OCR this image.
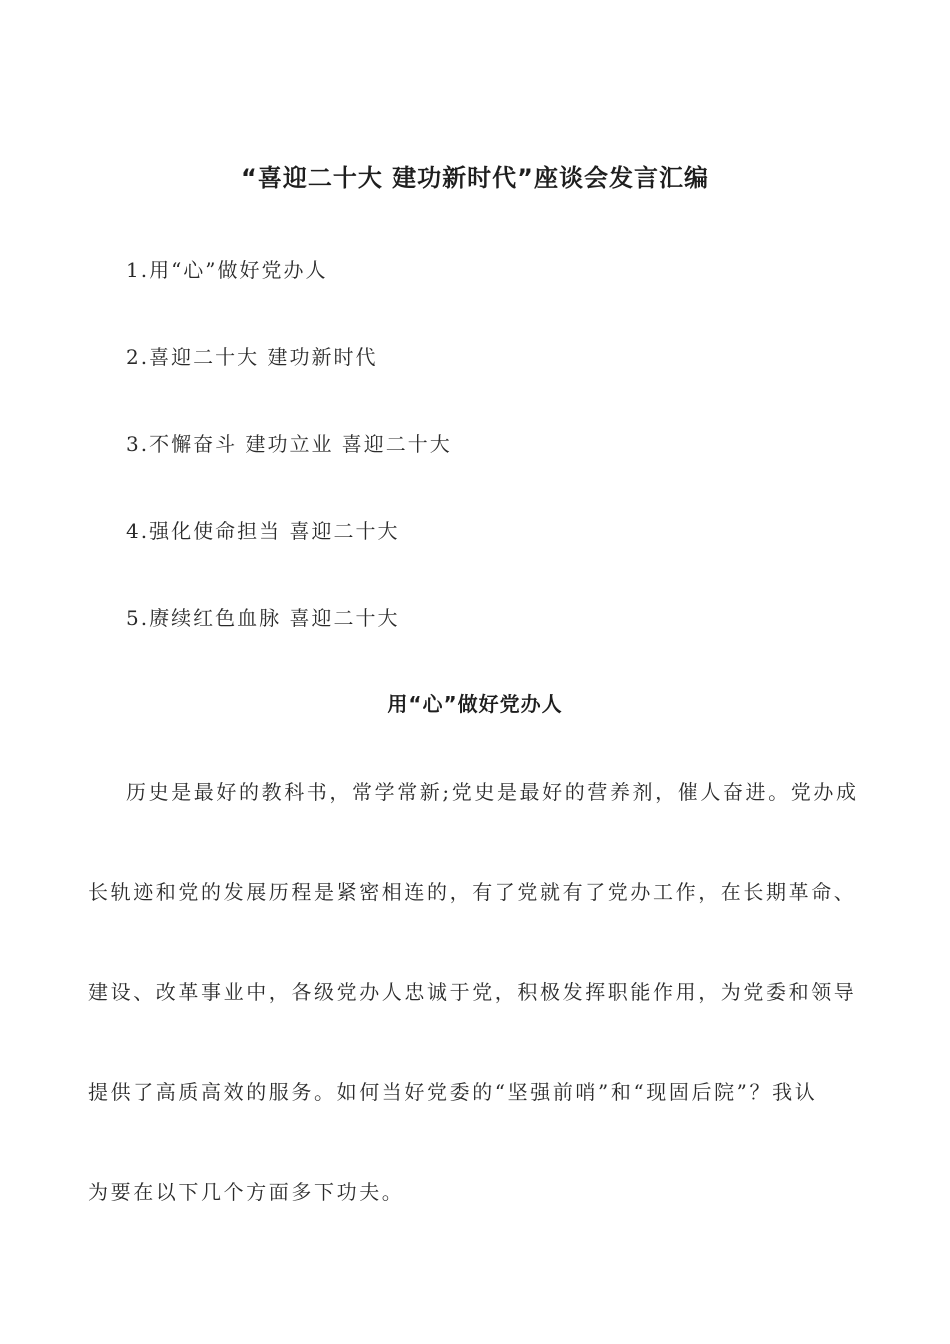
“喜迎二十大 建功新时代”座谈会发言汇编
1.用“心”做好党办人
2.喜迎二十大 建功新时代
3.不懈奋斗 建功立业 喜迎二十大
4.强化使命担当 喜迎二十大
5.赓续红色血脉 喜迎二十大
用“心”做好党办人
历史是最好的教科书，常学常新;党史是最好的营养剂，催人奋进。党办成
长轨迹和党的发展历程是紧密相连的，有了党就有了党办工作，在长期革命、
建设、改革事业中，各级党办人忠诚于党，积极发挥职能作用，为党委和领导
提供了高质高效的服务。如何当好党委的“坚强前哨”和“现固后院”？我认
为要在以下几个方面多下功夫。
